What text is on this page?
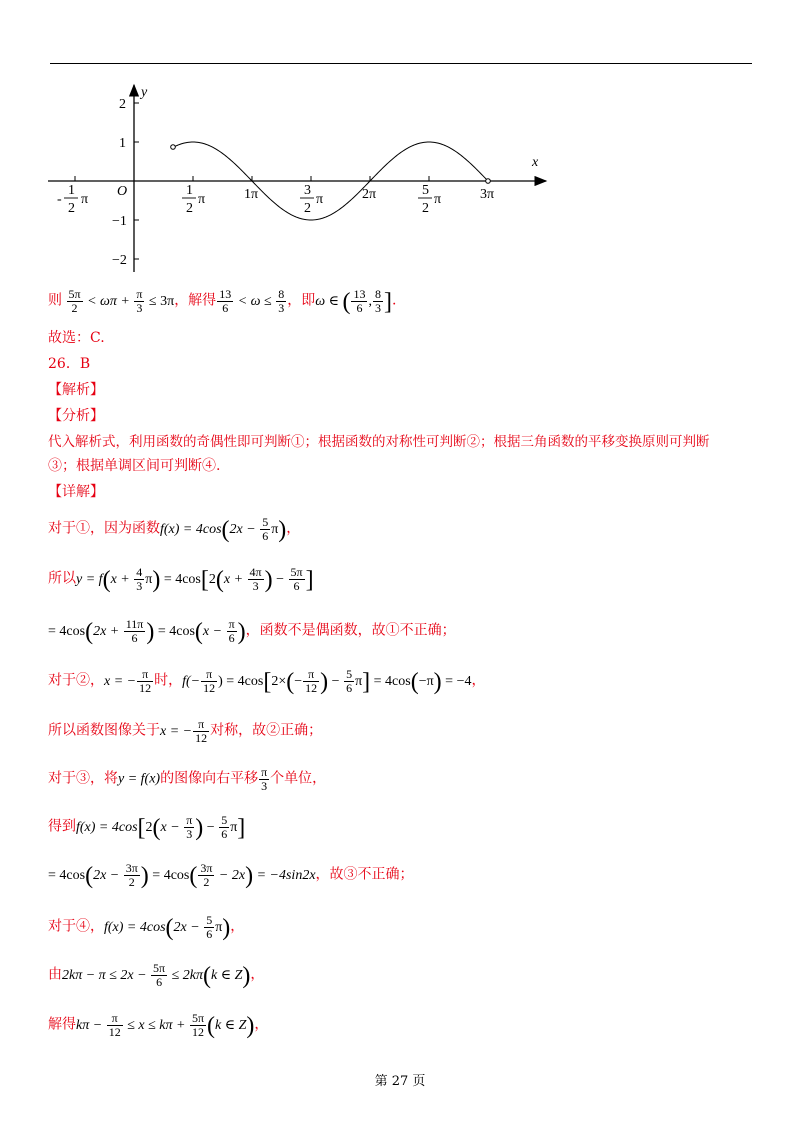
y
x
O
2
1
−1
−2
1
2
- π
1
2
π	1π	3
2
π	2π	5
2
π	3π
则 $\frac{5\pi}{2} < \omega\pi + \frac{\pi}{3} \le 3\pi$，解得 $\frac{13}{6} < \omega \le \frac{8}{3}$ ，即ω ∈ ( $\frac{13}{6}$ , $\frac{8}{3}$ ].
故选：C.
26．B
【解析】
【分析】
代入解析式，利用函数的奇偶性即可判断①；根据函数的对称性可判断②；根据三角函数的平移变换原则可判断
③；根据单调区间可判断④.
【详解】
对于①，因为函数$f(x) = 4\cos(2x - \frac{5}{6} \pi)$，
所以$y = f(x + \frac{4}{3} \pi) = 4\cos[2(x + \frac{4\pi}{3}$ ) − $\frac{5\pi}{6}$ ]
= $4\cos(2x + \frac{11\pi}{6}$ ) = $4\cos(x - \frac{\pi}{6}$ )，函数不是偶函数，故①不正确；
对于②，x = − $\frac{\pi}{12}$ 时，$f(- \frac{\pi}{12}$ ) = $4\cos[2\times(- \frac{\pi}{12}$ ) − $\frac{5}{6} \pi] = 4\cos(-\pi) = -4$，
所以函数图像关于x = − $\frac{\pi}{12}$ 对称，故②正确；
对于③，将y = f(x)的图像向右平移 $\frac{\pi}{3}$ 个单位，
得到$f(x) = 4\cos[2(x - \frac{\pi}{3}$ ) − $\frac{5}{6} \pi$]
= $4\cos(2x - \frac{3\pi}{2}$ ) = $4\cos( \frac{3\pi}{2} - 2x) = -4\sin 2x$，故③不正确；
对于④，$f(x) = 4\cos(2x - \frac{5}{6} \pi)$，
由$2k\pi - \pi \le 2x - \frac{5\pi}{6} \le 2k\pi(k$ ∈ Z)，
解得$k\pi - \frac{\pi}{12} \le x \le k\pi + \frac{5\pi}{12} (k$ ∈ Z)，
第 27 页
